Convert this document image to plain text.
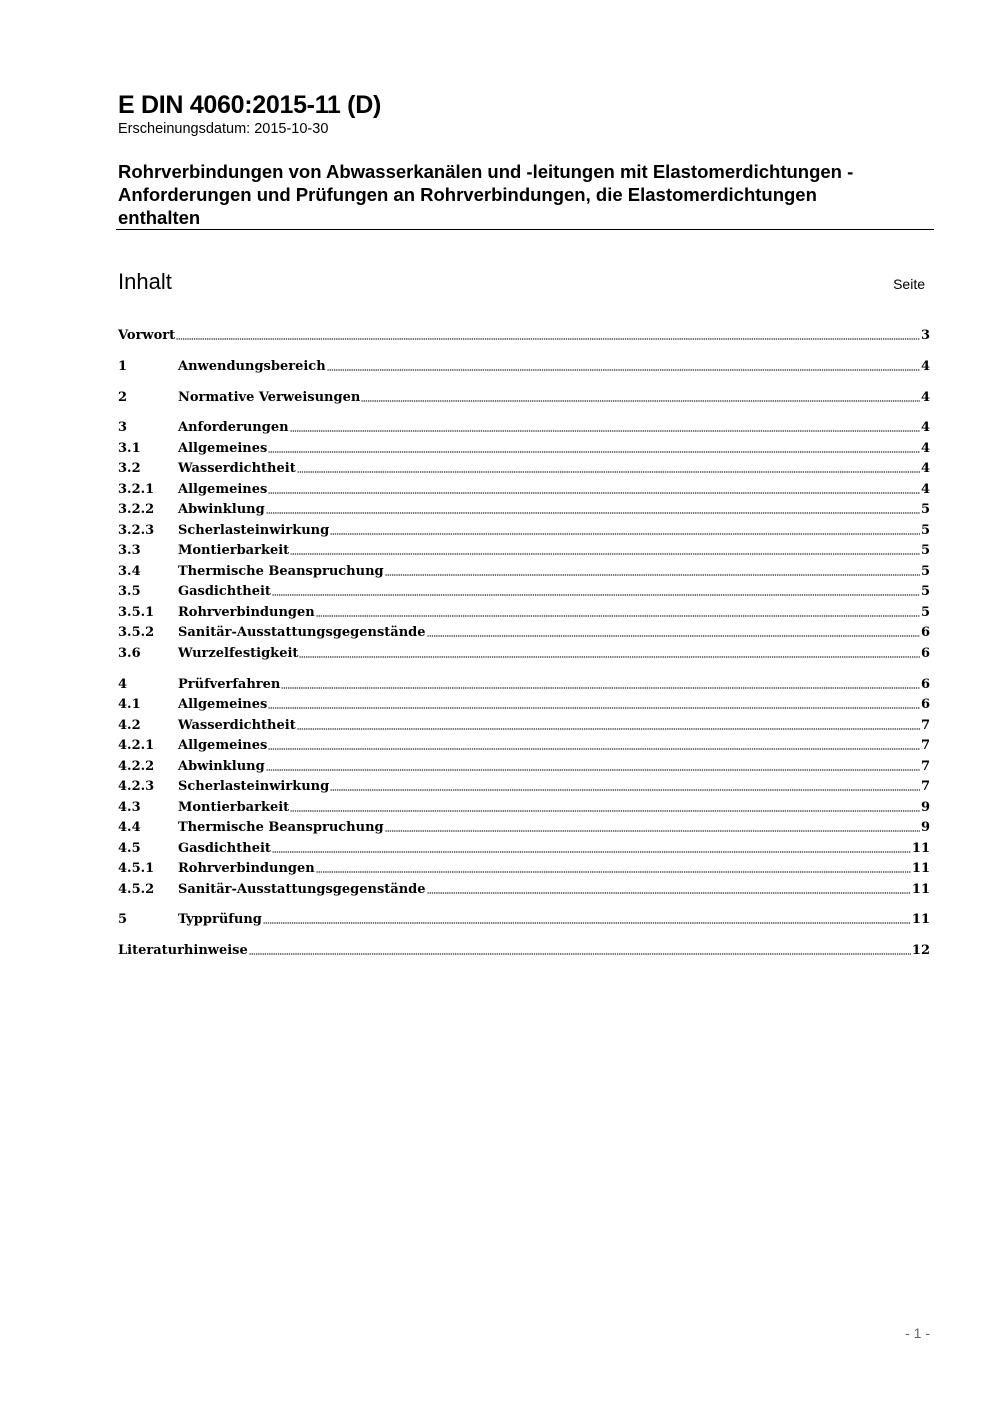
E DIN 4060:2015-11 (D)
Erscheinungsdatum: 2015-10-30
Rohrverbindungen von Abwasserkanälen und -leitungen mit Elastomerdichtungen -
Anforderungen und Prüfungen an Rohrverbindungen, die Elastomerdichtungen
enthalten
Inhalt	Seite
Vorwort	3
1	Anwendungsbereich	4
2	Normative Verweisungen	4
3	Anforderungen	4
3.1	Allgemeines	4
3.2	Wasserdichtheit	4
3.2.1	Allgemeines	4
3.2.2	Abwinklung	5
3.2.3	Scherlasteinwirkung	5
3.3	Montierbarkeit	5
3.4	Thermische Beanspruchung	5
3.5	Gasdichtheit	5
3.5.1	Rohrverbindungen	5
3.5.2	Sanitär-Ausstattungsgegenstände	6
3.6	Wurzelfestigkeit	6
4	Prüfverfahren	6
4.1	Allgemeines	6
4.2	Wasserdichtheit	7
4.2.1	Allgemeines	7
4.2.2	Abwinklung	7
4.2.3	Scherlasteinwirkung	7
4.3	Montierbarkeit	9
4.4	Thermische Beanspruchung	9
4.5	Gasdichtheit	11
4.5.1	Rohrverbindungen	11
4.5.2	Sanitär-Ausstattungsgegenstände	11
5	Typprüfung	11
Literaturhinweise	12
- 1 -
